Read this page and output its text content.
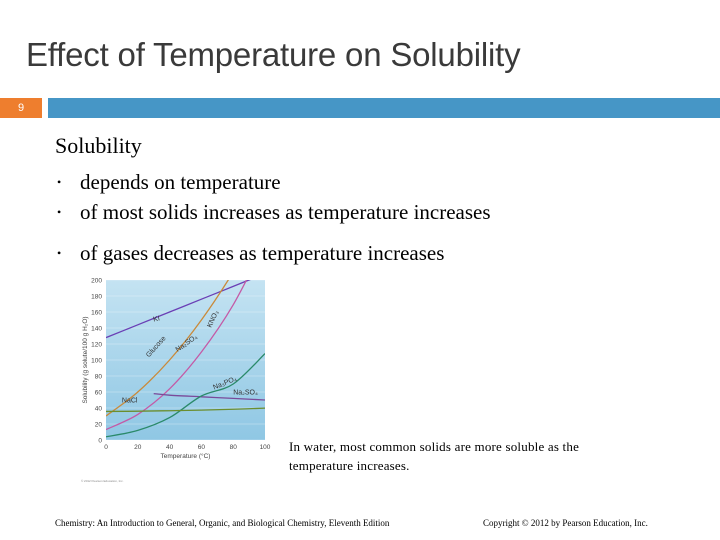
Effect of Temperature on Solubility
9
Solubility
• depends on temperature
• of most solids increases as temperature increases
• of gases decreases as temperature increases
KI	KNO₃
Glucose Na₂SO₄
Na₃PO₄
NaCl
Na₂SO₄
0
20
40
60
80
100
120
140
160
180
200
0	20	40	60	80	100
Temperature (°C)
Solubility (g solute/100 g H₂O)
© 2012 Pearson Education, Inc.
In water, most common solids are more soluble as the temperature increases.
Chemistry: An Introduction to General, Organic, and Biological Chemistry, Eleventh Edition	Copyright © 2012 by Pearson Education, Inc.
